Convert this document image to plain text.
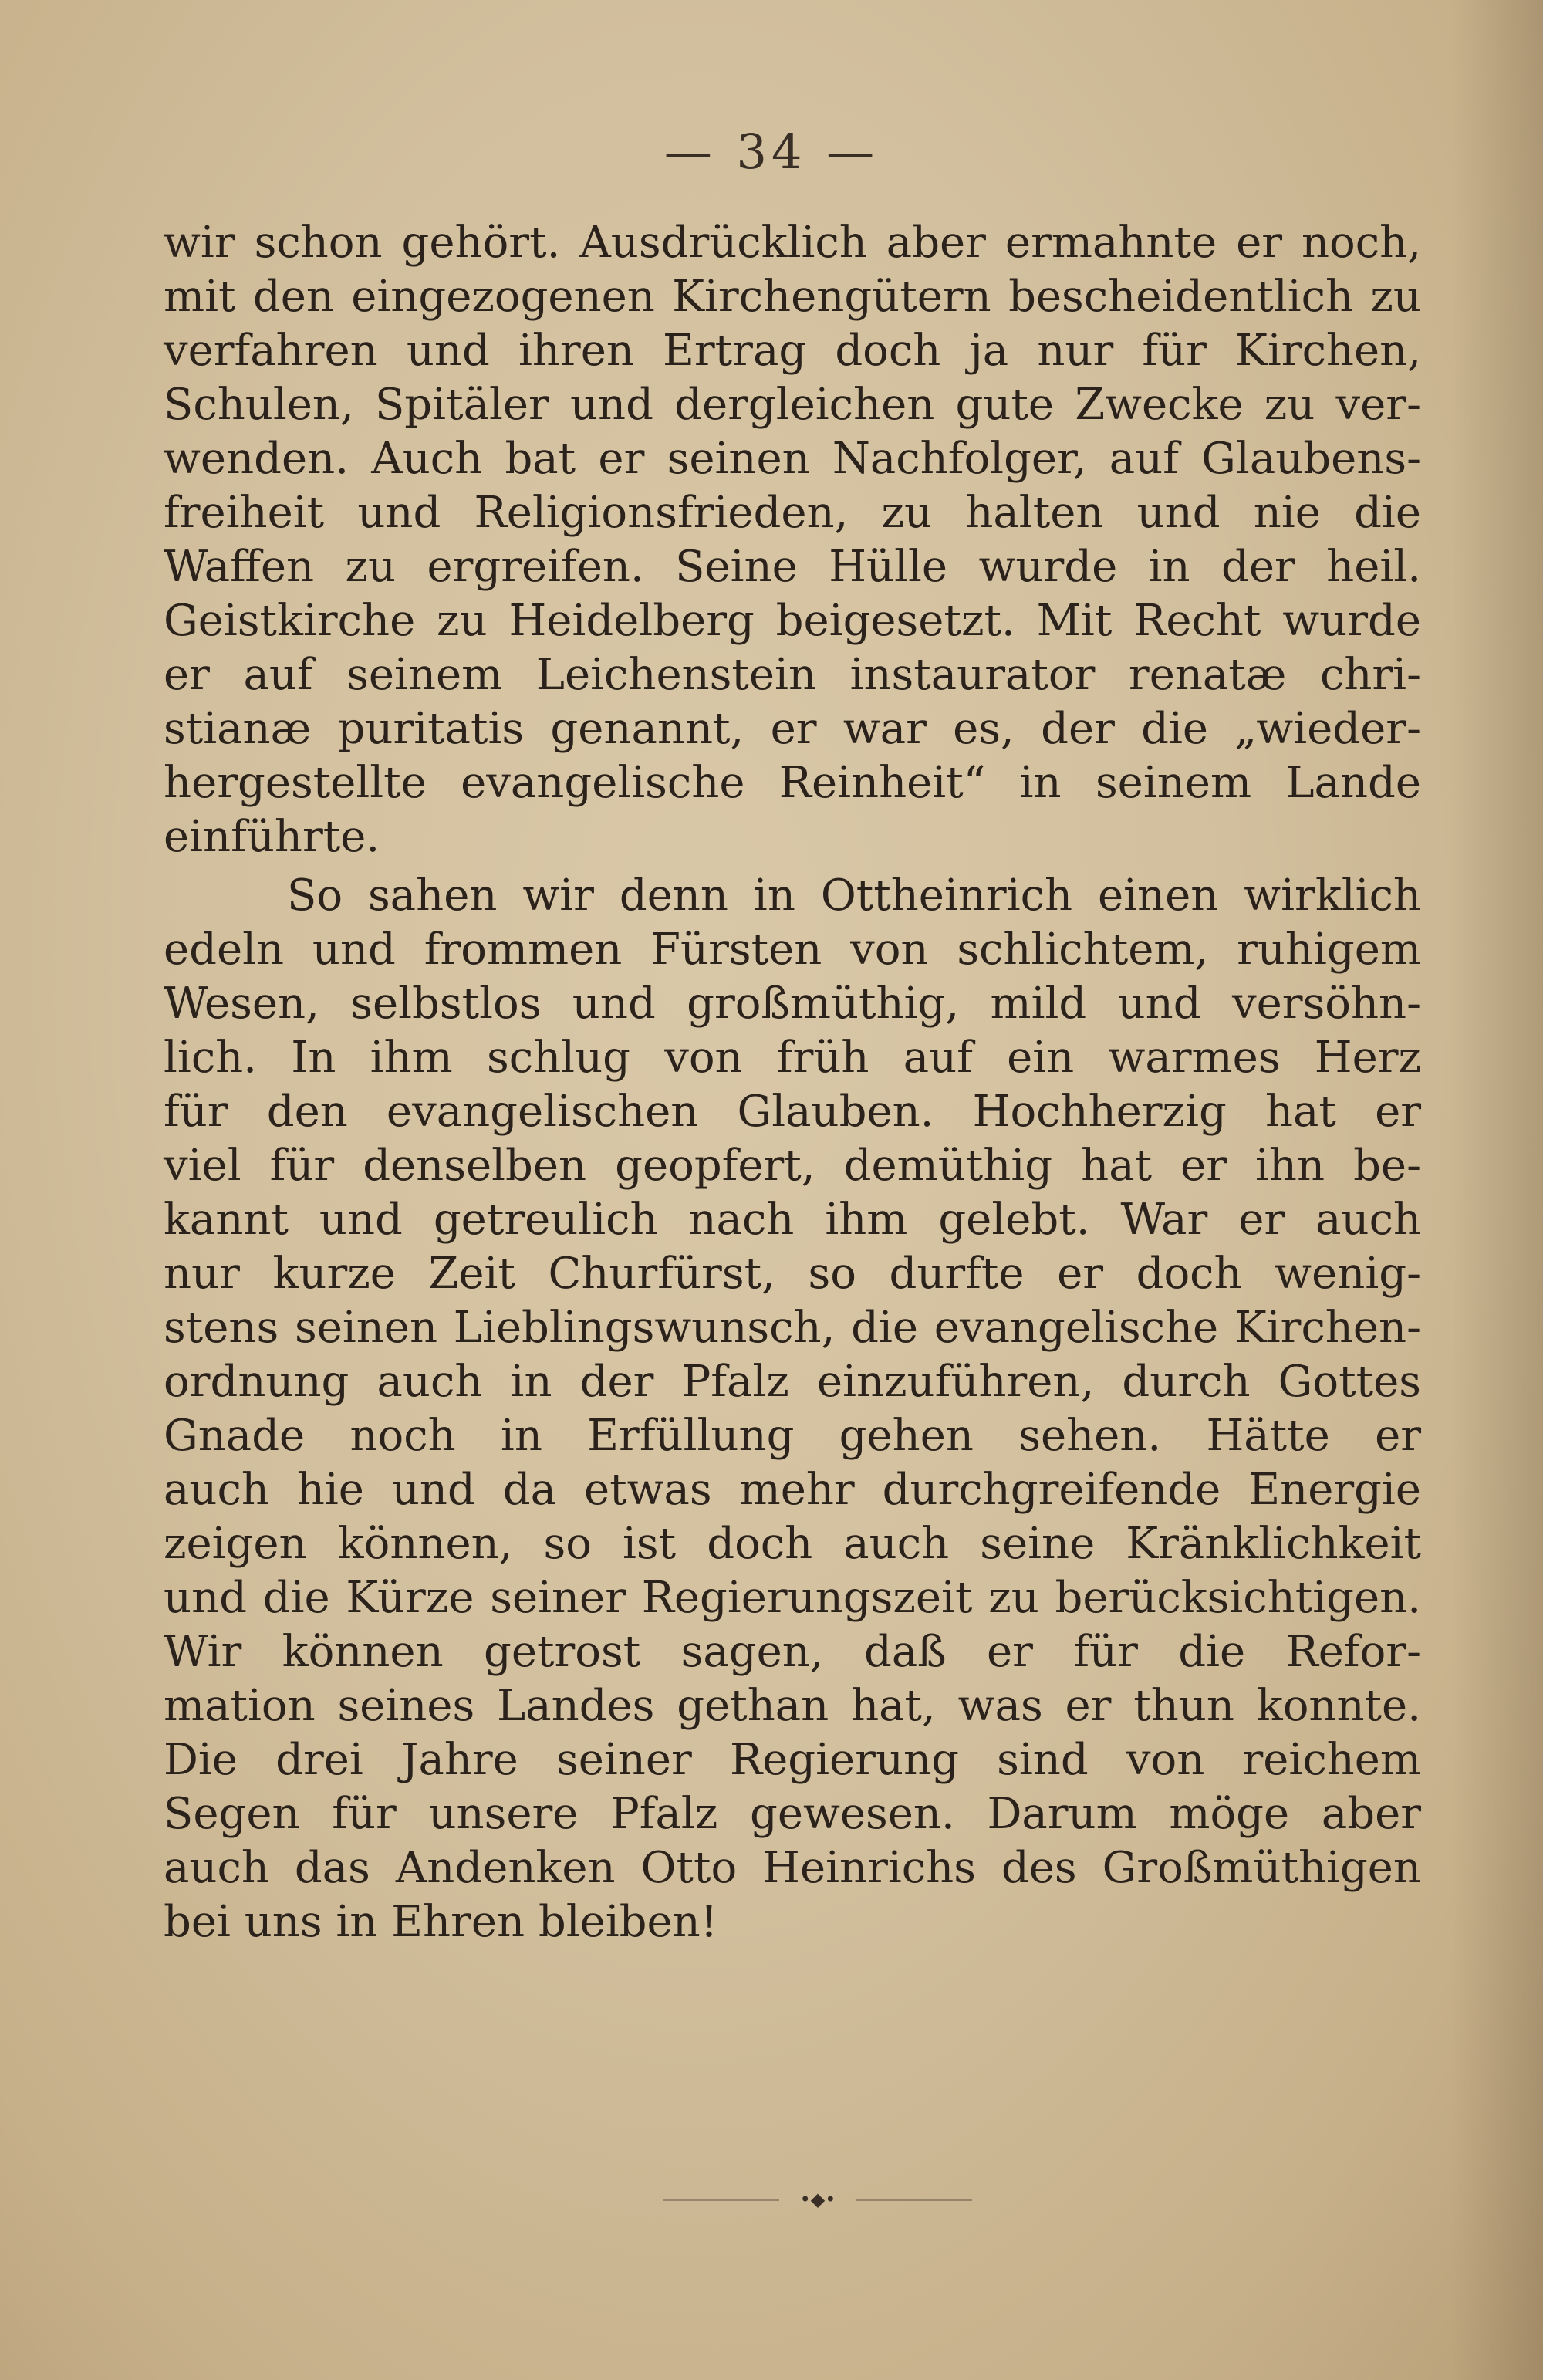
— 34 —
wir schon gehört. Ausdrücklich aber ermahnte er noch,
mit den eingezogenen Kirchengütern bescheidentlich zu
verfahren und ihren Ertrag doch ja nur für Kirchen,
Schulen, Spitäler und dergleichen gute Zwecke zu ver-
wenden. Auch bat er seinen Nachfolger, auf Glaubens-
freiheit und Religionsfrieden, zu halten und nie die
Waffen zu ergreifen. Seine Hülle wurde in der heil.
Geistkirche zu Heidelberg beigesetzt. Mit Recht wurde
er auf seinem Leichenstein instaurator renatæ chri-
stianæ puritatis genannt, er war es, der die „wieder-
hergestellte evangelische Reinheit“ in seinem Lande
einführte.
So sahen wir denn in Ottheinrich einen wirklich
edeln und frommen Fürsten von schlichtem, ruhigem
Wesen, selbstlos und großmüthig, mild und versöhn-
lich. In ihm schlug von früh auf ein warmes Herz
für den evangelischen Glauben. Hochherzig hat er
viel für denselben geopfert, demüthig hat er ihn be-
kannt und getreulich nach ihm gelebt. War er auch
nur kurze Zeit Churfürst, so durfte er doch wenig-
stens seinen Lieblingswunsch, die evangelische Kirchen-
ordnung auch in der Pfalz einzuführen, durch Gottes
Gnade noch in Erfüllung gehen sehen. Hätte er
auch hie und da etwas mehr durchgreifende Energie
zeigen können, so ist doch auch seine Kränklichkeit
und die Kürze seiner Regierungszeit zu berücksichtigen.
Wir können getrost sagen, daß er für die Refor-
mation seines Landes gethan hat, was er thun konnte.
Die drei Jahre seiner Regierung sind von reichem
Segen für unsere Pfalz gewesen. Darum möge aber
auch das Andenken Otto Heinrichs des Großmüthigen
bei uns in Ehren bleiben!
•◆•
